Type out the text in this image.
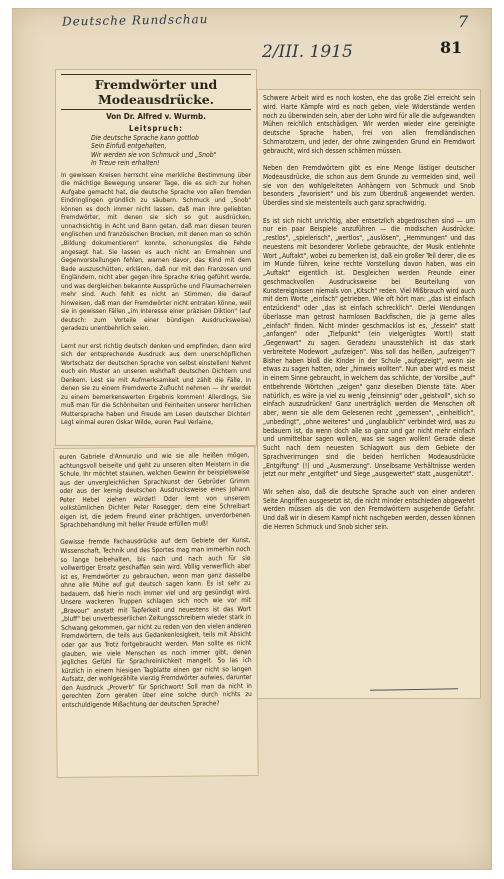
Deutsche Rundschau
2/III. 1915
7
81
Fremdwörter und Modeausdrücke.
Von Dr. Alfred v. Wurmb.
Leitspruch:
Die deutsche Sprache kann gottlob
Sein Einfuß entgehalten,
Wir werden sie von Schmuck und „Snob"
In Treue rein erhalten!

In gewissen Kreisen herrscht eine merkliche Bestimmung über die mächtige Bewegung unserer Tage, die es sich zur hohen Aufgabe gemacht hat, die deutsche Sprache von allen fremden Eindringlingen gründlich zu säubern. Schmuck und „Snob" können es doch immer nicht lassen, daß man ihre geliebten Fremdwörter, mit denen sie sich so gut ausdrücken, unnachsichtig in Acht und Bann getan, daß man diesen teuren englischen und französischen Brocken, mit denen man so schön „Bildung dokumentieren" konnte, schonungslos die Fehde angesagt hat. Sie lassen es auch nicht an Ermahnen und Gegenvorstellungen fehlen, warnen davor, das Kind mit dem Bade auszuschütten, erklären, daß nur mit den Franzosen und Engländern, nicht aber gegen ihre Sprache Krieg geführt werde, und was dergleichen bekannte Aussprüche und Flaumacherreien mehr sind. Auch fehlt es nicht an Stimmen, die darauf hinweisen, daß man der Fremdwörter nicht entraten könne, weil sie in gewissen Fällen „im Interesse einer präzisen Diktion" (auf deutsch: zum Vorteile einer bündigen Ausdrucksweise) geradezu unentbehrlich seien.

Lernt nur erst richtig deutsch denken und empfinden, dann wird sich der entsprechende Ausdruck aus dem unerschöpflichen Wortschatz der deutschen Sprache von selbst einstellen! Nehmt euch ein Muster an unseren wahrhaft deutschen Dichtern und Denkern. Lest sie mit Aufmerksamkeit und zählt die Fälle, in denen sie zu einem Fremdworte Zuflucht nehmen — ihr werdet zu einem bemerkenswerten Ergebnis kommen! Allerdings, Sie muß man für die Schönheiten und Feinheiten unserer herrlichen Muttersprache haben und Freude am Lesen deutscher Dichter! Legt einmal euren Oskar Wilde, euren Paul Verlaine,

Schwere Arbeit wird es noch kosten, ehe das große Ziel erreicht sein wird. Harte Kämpfe wird es noch geben, viele Widerstände werden noch zu überwinden sein, aber der Lohn wird für alle die aufgewandten Mühen reichlich entschädigen. Wir werden wieder eine gereinigte deutsche Sprache haben, frei von allen fremdländischen Schmarotzern, und jeder, der ohne zwingenden Grund ein Fremdwort gebraucht, wird sich dessen schämen müssen.

Neben den Fremdwörtern gibt es eine Menge lästiger deutscher Modeausdrücke, die schon aus dem Grunde zu vermeiden sind, weil sie von den wohlgeleiteten Anhängern von Schmuck und Snob besonders „favorisiert" und bis zum Überdruß angewendet werden. Überdies sind sie meistenteils auch ganz sprachwidrig.

Es ist sich nicht unrichtig, aber entsetzlich abgedroschen sind — um nur ein paar Beispiele anzuführen — die modischen Ausdrücke: „restlos", „spielerisch", „wertlos", „auslösen", „Hemmungen" und das neuestens mit besonderer Vorliebe gebrauchte, der Musik entlehnte Wort „Auftakt", wobei zu bemerken ist, daß ein großer Teil derer, die es im Munde führen, keine rechte Vorstellung davon haben, was ein „Auftakt" eigentlich ist. Desgleichen werden Freunde einer geschmackvollen Ausdrucksweise bei Beurteilung von Kunstereignissen niemals von „Kitsch" reden. Viel Mißbrauch wird auch mit dem Worte „einfach" getrieben. Wie oft hört man: „das ist einfach entzückend" oder „das ist einfach schrecklich". Derlei Wendungen überlasse man getrost harmlosen Backfischen, die ja gerne alles „einfach" finden. Nicht minder geschmacklos ist es, „fesseln" statt „anfangen" oder „Tiefpunkt" (ein vielgerügtes Wort!) statt „Gegenwart" zu sagen. Geradezu unausstehlich ist das stark verbreitete Modewort „aufzeigen". Was soll das heißen, „aufzeigen"? Bisher haben bloß die Kinder in der Schule „aufgezeigt", wenn sie etwas zu sagen hatten, oder „hinweis wollten". Nun aber wird es meist in einem Sinne gebraucht, in welchem das schlichte, der Vorsilbe „auf" entbehrende Wörtchen „zeigen" ganz dieselben Dienste täte. Aber natürlich, es wäre ja viel zu wenig „feinsinnig" oder „geistvoll", sich so einfach auszudrücken! Ganz unerträglich werden die Menschen oft aber, wenn sie alle dem Gelesenen recht „gemessen", „einheitlich", „unbedingt", „ohne weiteres" und „unglaublich" verbindet wird, was zu bedauern ist, da wenn doch alle so ganz und gar nicht mehr einfach und unmittelbar sagen wollen, was sie sagen wollen! Gerade diese Sucht nach dem neuesten Schlagwort aus dem Gebiete der Sprachverirrungen sind die beiden herrlichen Modeausdrücke „Entgiftung" (!) und „Ausmerzung". Unselbsame Verhältnisse werden jetzt nur mehr „entgiftet" und Siege „ausgewertet" statt „ausgenützt".

Wir sehen also, daß die deutsche Sprache auch von einer anderen Seite Angriffen ausgesetzt ist, die nicht minder entschieden abgewehrt werden müssen als die von den Fremdwörtern ausgehende Gefahr. Und daß wir in diesem Kampf nicht nachgeben werden, dessen können die Herren Schmuck und Snob sicher sein.

euren Gabriele d'Annunzio und wie sie alle heißen mögen, achtungsvoll beiseite und geht zu unseren alten Meistern in die Schule. Ihr möchtet staunen, welchen Gewinn ihr beispielsweise aus der unvergleichlichen Sprachkunst der Gebrüder Grimm oder aus der kernig deutschen Ausdrucksweise eines Johann Peter Hebel ziehen würdet! Oder lernt von unserem volkstümlichen Dichter Peter Rosegger, dem eine Schreibart eigen ist, die jedem Freund einer prächtigen, unverdorbenen Sprachbehandlung mit heller Freude erfüllen muß!

Gewisse fremde Fachausdrücke auf dem Gebiete der Kunst, Wissenschaft, Technik und des Sportes mag man immerhin noch so lange beibehalten, bis nach und nach auch für sie vollwertiger Ersatz geschaffen sein wird. Völlig verwerflich aber ist es, Fremdwörter zu gebrauchen, wenn man ganz dasselbe ohne alle Mühe auf gut deutsch sagen kann. Es ist sehr zu bedauern, daß hierin noch immer viel und arg gesündigt wird. Unsere wackeren Truppen schlagen sich noch wie vor mit „Bravour" anstatt mit Tapferkeit und neuestens ist das Wort „bluff" bei unverbesserlichen Zeitungsschreibern wieder stark in Schwang gekommen, gar nicht zu reden von den vielen anderen Fremdwörtern, die teils aus Gedankenlosigkeit, teils mit Absicht oder gar aus Trotz fortgebraucht werden. Man sollte es nicht glauben, wie viele Menschen es noch immer gibt, denen jegliches Gefühl für Sprachreinlichkeit mangelt. So las ich kürzlich in einem hiesigen Tagblatte einen gar nicht so langen Aufsatz, der wohlgezählte vierzig Fremdwörter aufwies, darunter den Ausdruck „Proverb" für Sprichwort! Soll man da nicht in gerechten Zorn geraten über eine solche durch nichts zu entschuldigende Mißachtung der deutschen Sprache?
